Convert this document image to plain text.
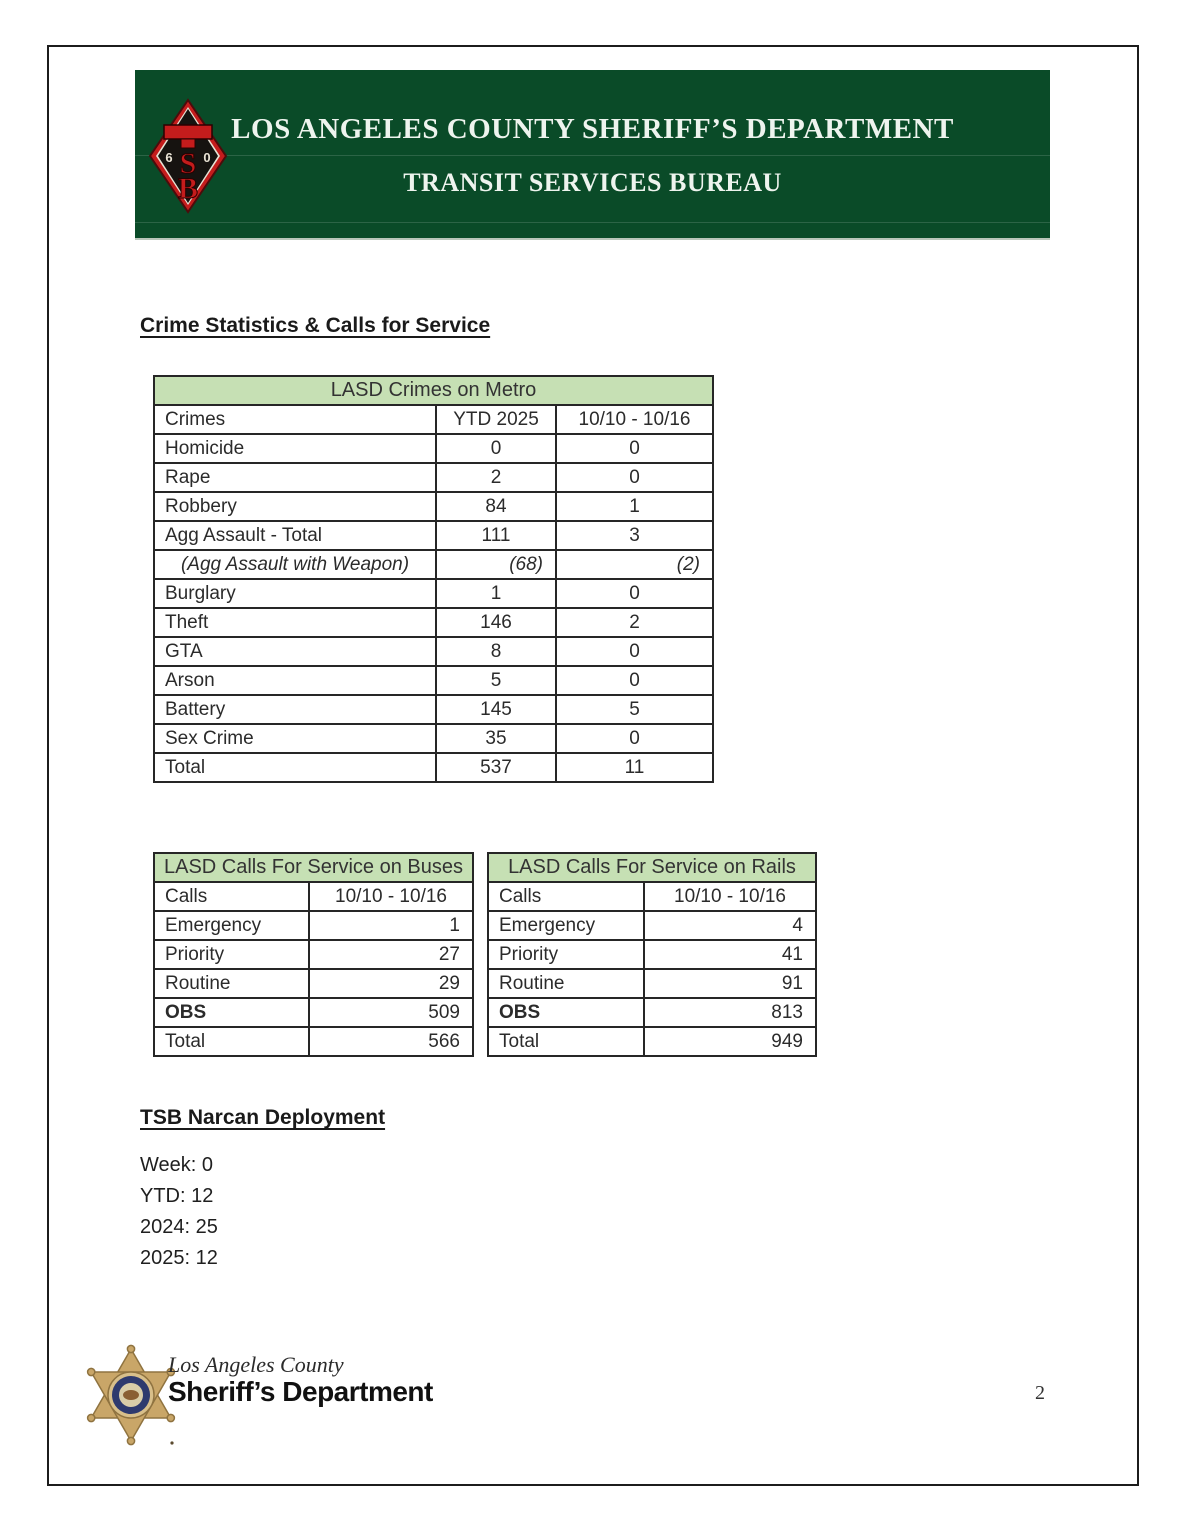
S
B
6 0
LOS ANGELES COUNTY SHERIFF’S DEPARTMENT
TRANSIT SERVICES BUREAU
Crime Statistics & Calls for Service
LASD Crimes on Metro		
Crimes	YTD 2025	10/10 - 10/16
Homicide	0	0
Rape	2	0
Robbery	84	1
Agg Assault - Total	111	3
(Agg Assault with Weapon)	(68)	(2)
Burglary	1	0
Theft	146	2
GTA	8	0
Arson	5	0
Battery	145	5
Sex Crime	35	0
Total	537	11
LASD Calls For Service on Buses	
Calls	10/10 - 10/16
Emergency	1
Priority	27
Routine	29
OBS	509
Total	566
LASD Calls For Service on Rails	
Calls	10/10 - 10/16
Emergency	4
Priority	41
Routine	91
OBS	813
Total	949
TSB Narcan Deployment
Week: 0
YTD: 12
2024: 25
2025: 12
Los Angeles County
Sheriff’s Department	2
